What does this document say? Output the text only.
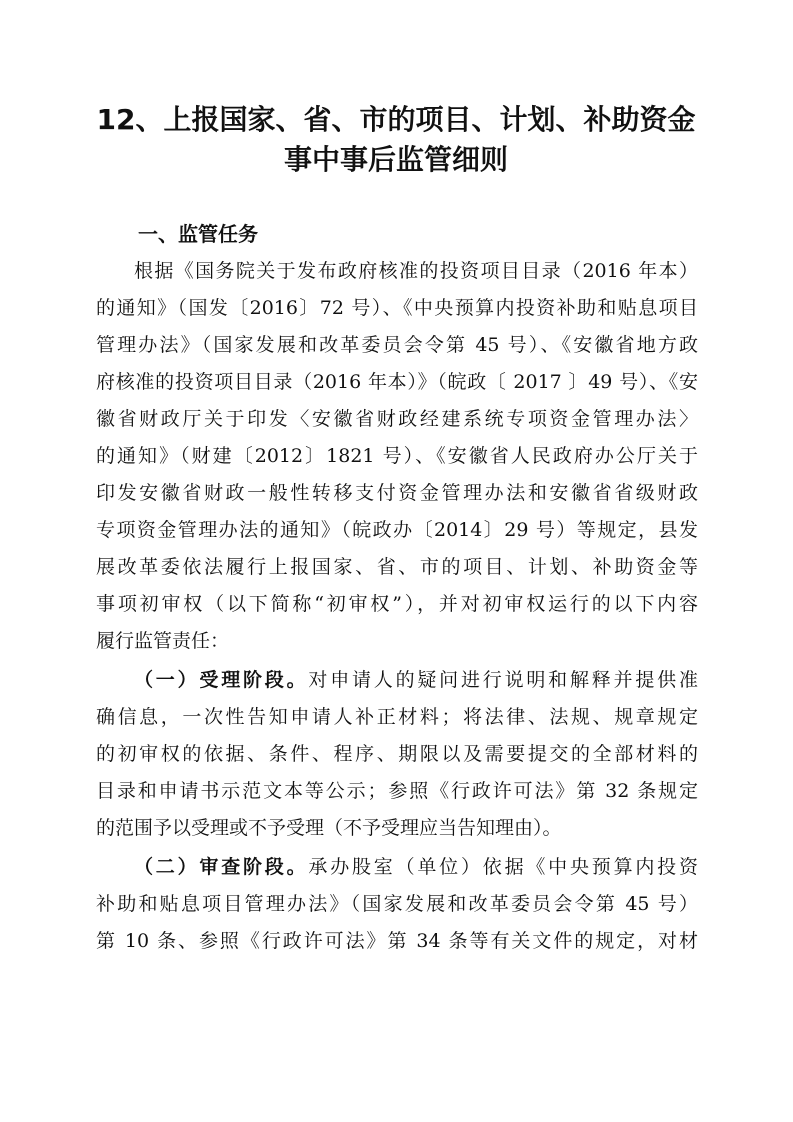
12、上报国家、省、市的项目、计划、补助资金
事中事后监管细则
一、监管任务

根据《国务院关于发布政府核准的投资项目目录（2016 年本）

的通知》（国发〔2016〕72 号）、《中央预算内投资补助和贴息项目

管理办法》（国家发展和改革委员会令第 45 号）、《安徽省地方政

府核准的投资项目目录（2016 年本）》（皖政〔 2017 〕49 号）、《安

徽省财政厅关于印发〈安徽省财政经建系统专项资金管理办法〉

的通知》（财建〔2012〕1821 号）、《安徽省人民政府办公厅关于

印发安徽省财政一般性转移支付资金管理办法和安徽省省级财政

专项资金管理办法的通知》（皖政办〔2014〕29 号）等规定，县发

展改革委依法履行上报国家、省、市的项目、计划、补助资金等

事项初审权（以下简称“初审权”），并对初审权运行的以下内容

履行监管责任：

（一）受理阶段。对申请人的疑问进行说明和解释并提供准

确信息，一次性告知申请人补正材料；将法律、法规、规章规定

的初审权的依据、条件、程序、期限以及需要提交的全部材料的

目录和申请书示范文本等公示；参照《行政许可法》第 32 条规定

的范围予以受理或不予受理（不予受理应当告知理由）。

（二）审查阶段。承办股室（单位）依据《中央预算内投资

补助和贴息项目管理办法》（国家发展和改革委员会令第 45 号）

第 10 条、参照《行政许可法》第 34 条等有关文件的规定，对材
